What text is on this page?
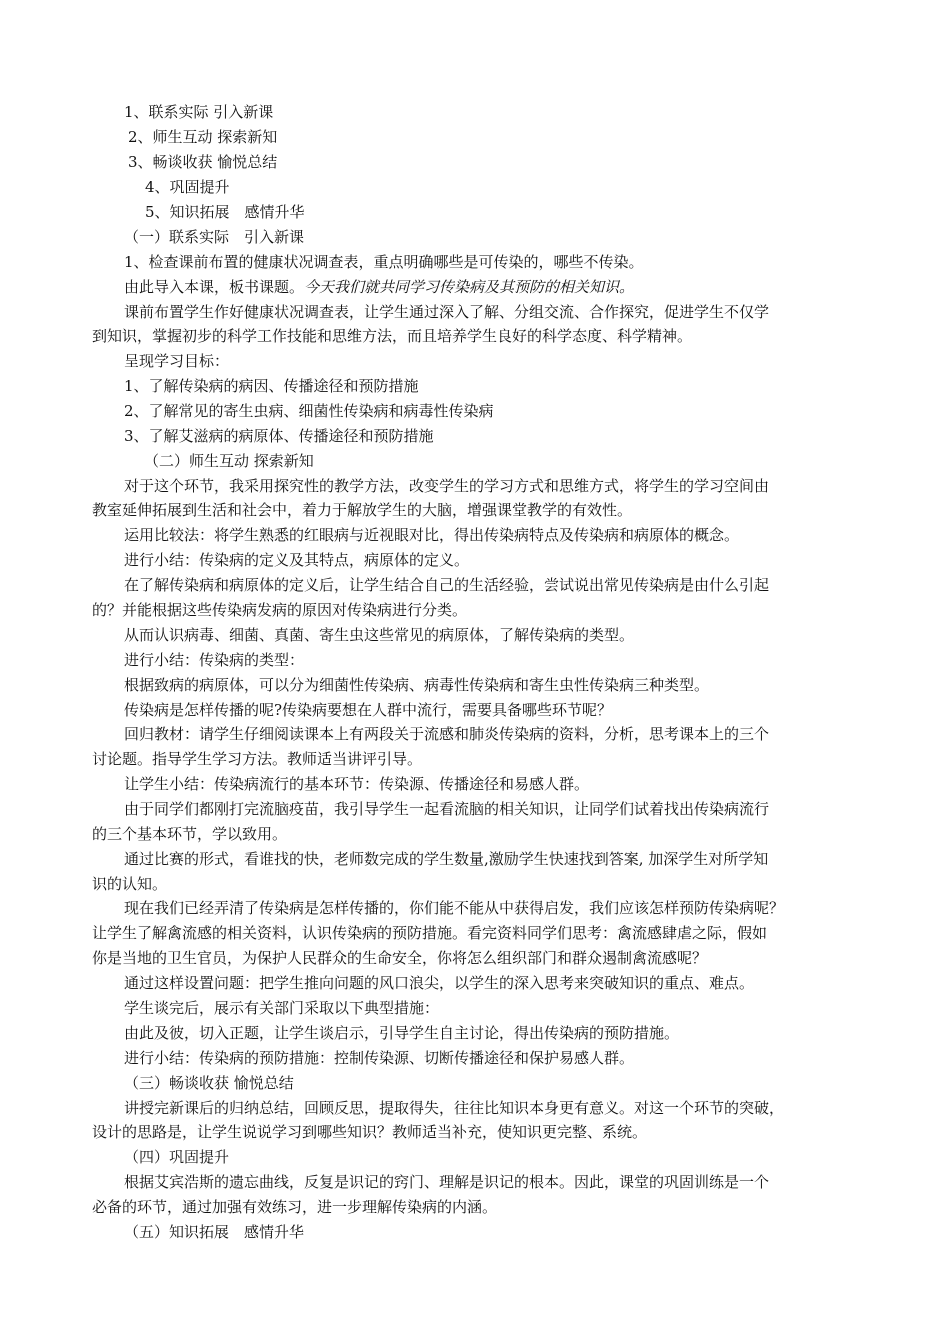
1、联系实际 引入新课
2、师生互动 探索新知
3、畅谈收获 愉悦总结
4、巩固提升
5、知识拓展　感情升华
（一）联系实际　引入新课
1、检查课前布置的健康状况调查表，重点明确哪些是可传染的，哪些不传染。
由此导入本课，板书课题。今天我们就共同学习传染病及其预防的相关知识。
课前布置学生作好健康状况调查表，让学生通过深入了解、分组交流、合作探究，促进学生不仅学
到知识，掌握初步的科学工作技能和思维方法，而且培养学生良好的科学态度、科学精神。
呈现学习目标：
1、了解传染病的病因、传播途径和预防措施
2、了解常见的寄生虫病、细菌性传染病和病毒性传染病
3、了解艾滋病的病原体、传播途径和预防措施
（二）师生互动 探索新知
对于这个环节，我采用探究性的教学方法，改变学生的学习方式和思维方式，将学生的学习空间由
教室延伸拓展到生活和社会中，着力于解放学生的大脑，增强课堂教学的有效性。
运用比较法：将学生熟悉的红眼病与近视眼对比，得出传染病特点及传染病和病原体的概念。
进行小结：传染病的定义及其特点，病原体的定义。
在了解传染病和病原体的定义后，让学生结合自己的生活经验，尝试说出常见传染病是由什么引起
的？并能根据这些传染病发病的原因对传染病进行分类。
从而认识病毒、细菌、真菌、寄生虫这些常见的病原体，了解传染病的类型。
进行小结：传染病的类型：
根据致病的病原体，可以分为细菌性传染病、病毒性传染病和寄生虫性传染病三种类型。
传染病是怎样传播的呢?传染病要想在人群中流行，需要具备哪些环节呢？
回归教材：请学生仔细阅读课本上有两段关于流感和肺炎传染病的资料，分析，思考课本上的三个
讨论题。指导学生学习方法。教师适当讲评引导。
让学生小结：传染病流行的基本环节：传染源、传播途径和易感人群。
由于同学们都刚打完流脑疫苗，我引导学生一起看流脑的相关知识，让同学们试着找出传染病流行
的三个基本环节，学以致用。
通过比赛的形式，看谁找的快，老师数完成的学生数量,激励学生快速找到答案, 加深学生对所学知
识的认知。
现在我们已经弄清了传染病是怎样传播的，你们能不能从中获得启发，我们应该怎样预防传染病呢？
让学生了解禽流感的相关资料，认识传染病的预防措施。看完资料同学们思考：禽流感肆虐之际，假如
你是当地的卫生官员，为保护人民群众的生命安全，你将怎么组织部门和群众遏制禽流感呢？
通过这样设置问题：把学生推向问题的风口浪尖，以学生的深入思考来突破知识的重点、难点。
学生谈完后，展示有关部门采取以下典型措施：
由此及彼，切入正题，让学生谈启示，引导学生自主讨论，得出传染病的预防措施。
进行小结：传染病的预防措施：控制传染源、切断传播途径和保护易感人群。
（三）畅谈收获 愉悦总结
讲授完新课后的归纳总结，回顾反思，提取得失，往往比知识本身更有意义。对这一个环节的突破，
设计的思路是，让学生说说学习到哪些知识？教师适当补充，使知识更完整、系统。
（四）巩固提升
根据艾宾浩斯的遗忘曲线，反复是识记的窍门、理解是识记的根本。因此，课堂的巩固训练是一个
必备的环节，通过加强有效练习，进一步理解传染病的内涵。
（五）知识拓展　感情升华
